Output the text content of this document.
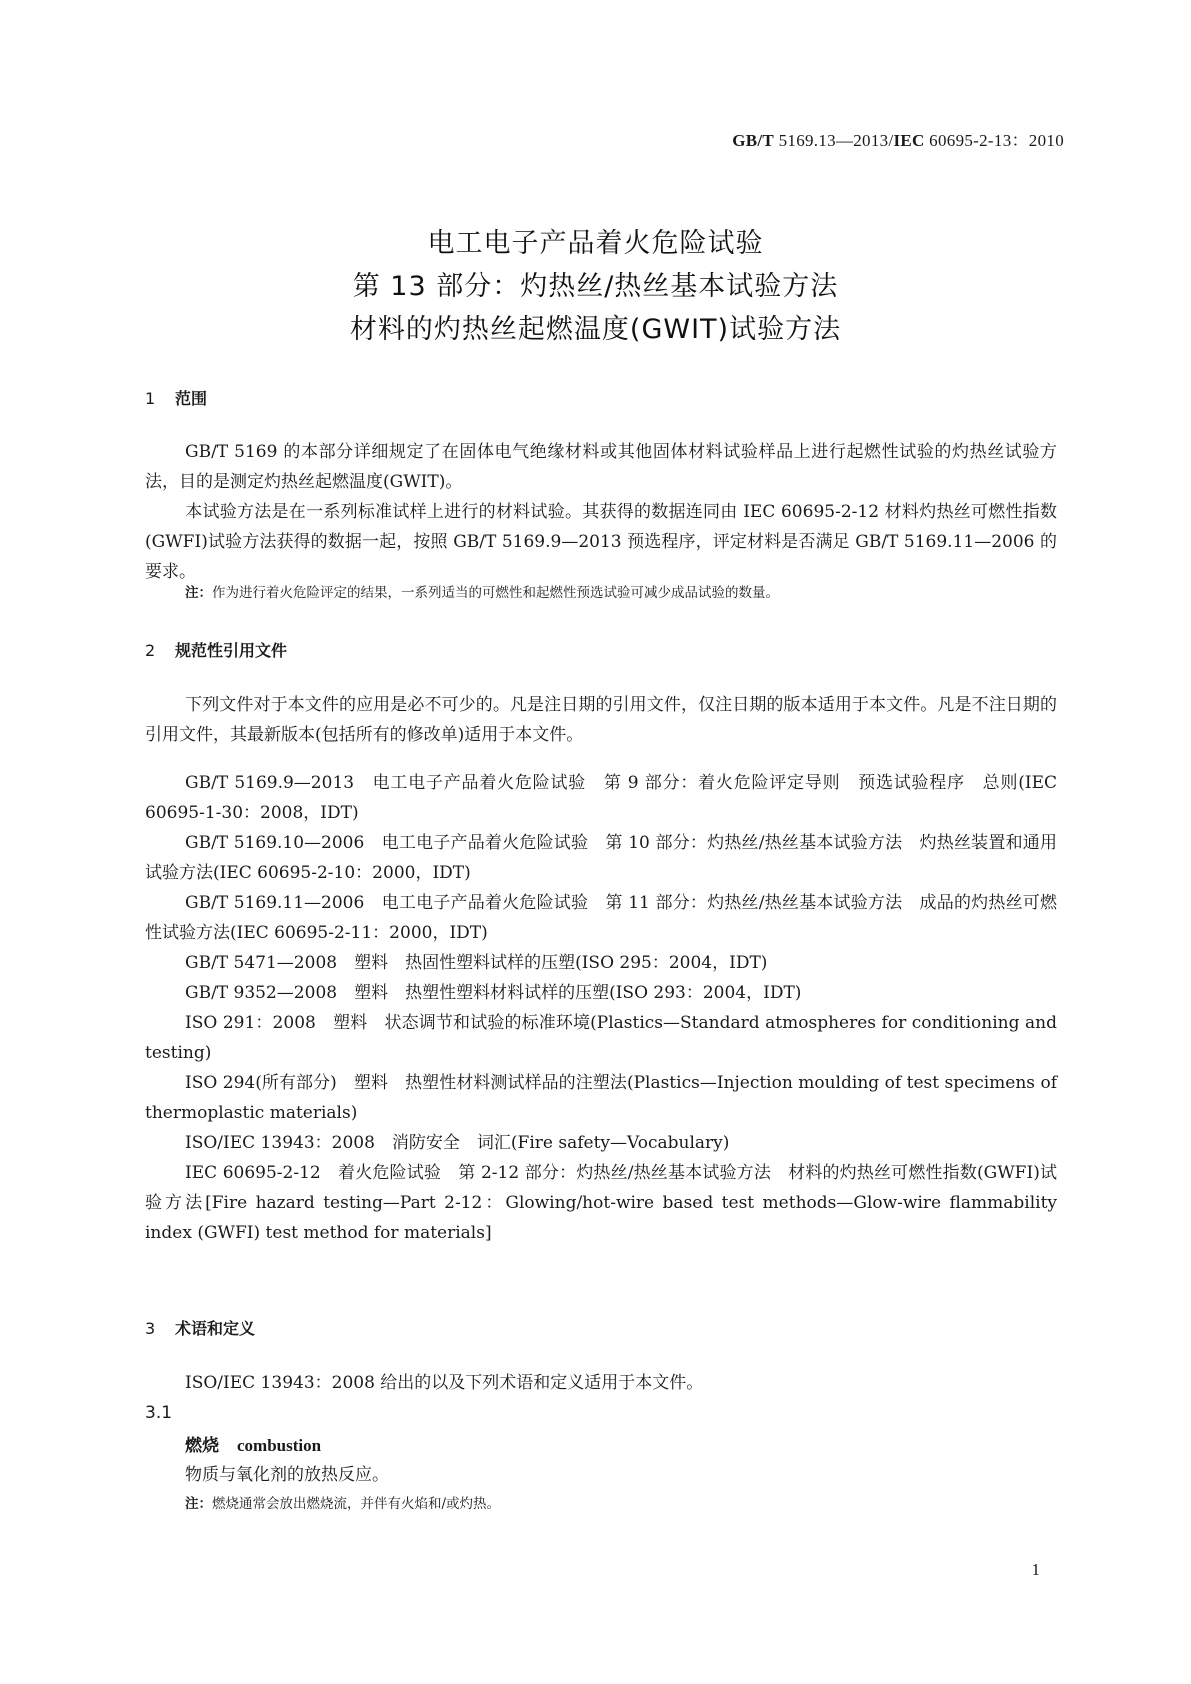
GB/T 5169.13—2013/IEC 60695-2-13：2010
电工电子产品着火危险试验
第 13 部分：灼热丝/热丝基本试验方法
材料的灼热丝起燃温度(GWIT)试验方法
1 范围
GB/T 5169 的本部分详细规定了在固体电气绝缘材料或其他固体材料试验样品上进行起燃性试验的灼热丝试验方法，目的是测定灼热丝起燃温度(GWIT)。
本试验方法是在一系列标准试样上进行的材料试验。其获得的数据连同由 IEC 60695-2-12 材料灼热丝可燃性指数(GWFI)试验方法获得的数据一起，按照 GB/T 5169.9—2013 预选程序，评定材料是否满足 GB/T 5169.11—2006 的要求。
注：作为进行着火危险评定的结果，一系列适当的可燃性和起燃性预选试验可减少成品试验的数量。
2 规范性引用文件
下列文件对于本文件的应用是必不可少的。凡是注日期的引用文件，仅注日期的版本适用于本文件。凡是不注日期的引用文件，其最新版本(包括所有的修改单)适用于本文件。
GB/T 5169.9—2013　电工电子产品着火危险试验　第 9 部分：着火危险评定导则　预选试验程序　总则(IEC 60695-1-30：2008，IDT)
GB/T 5169.10—2006　电工电子产品着火危险试验　第 10 部分：灼热丝/热丝基本试验方法　灼热丝装置和通用试验方法(IEC 60695-2-10：2000，IDT)
GB/T 5169.11—2006　电工电子产品着火危险试验　第 11 部分：灼热丝/热丝基本试验方法　成品的灼热丝可燃性试验方法(IEC 60695-2-11：2000，IDT)
GB/T 5471—2008　塑料　热固性塑料试样的压塑(ISO 295：2004，IDT)
GB/T 9352—2008　塑料　热塑性塑料材料试样的压塑(ISO 293：2004，IDT)
ISO 291：2008　塑料　状态调节和试验的标准环境(Plastics—Standard atmospheres for conditioning and testing)
ISO 294(所有部分)　塑料　热塑性材料测试样品的注塑法(Plastics—Injection moulding of test specimens of thermoplastic materials)
ISO/IEC 13943：2008　消防安全　词汇(Fire safety—Vocabulary)
IEC 60695-2-12　着火危险试验　第 2-12 部分：灼热丝/热丝基本试验方法　材料的灼热丝可燃性指数(GWFI)试验方法[Fire hazard testing—Part 2-12：Glowing/hot-wire based test methods—Glow-wire flammability index (GWFI) test method for materials]
3 术语和定义
ISO/IEC 13943：2008 给出的以及下列术语和定义适用于本文件。
3.1
燃烧 combustion
物质与氧化剂的放热反应。
注：燃烧通常会放出燃烧流，并伴有火焰和/或灼热。
1
